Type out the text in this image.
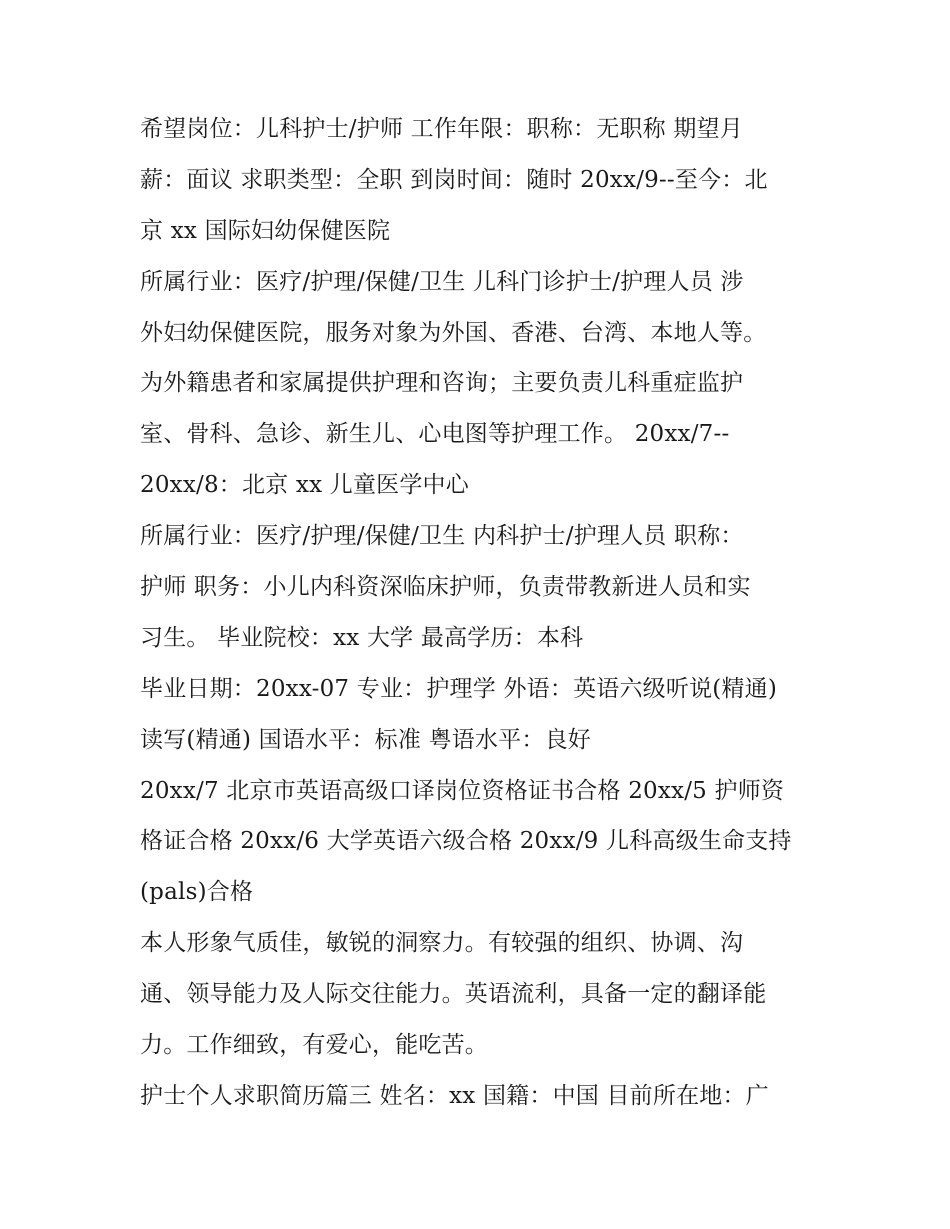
希望岗位：儿科护士/护师 工作年限：职称：无职称 期望月
薪：面议 求职类型：全职 到岗时间：随时 20xx/9--至今：北
京 xx 国际妇幼保健医院
所属行业：医疗/护理/保健/卫生 儿科门诊护士/护理人员 涉
外妇幼保健医院，服务对象为外国、香港、台湾、本地人等。
为外籍患者和家属提供护理和咨询；主要负责儿科重症监护
室、骨科、急诊、新生儿、心电图等护理工作。 20xx/7--
20xx/8：北京 xx 儿童医学中心
所属行业：医疗/护理/保健/卫生 内科护士/护理人员 职称：
护师 职务：小儿内科资深临床护师，负责带教新进人员和实
习生。 毕业院校：xx 大学 最高学历：本科
毕业日期：20xx-07 专业：护理学 外语：英语六级听说(精通)
读写(精通) 国语水平：标准 粤语水平：良好
20xx/7 北京市英语高级口译岗位资格证书合格 20xx/5 护师资
格证合格 20xx/6 大学英语六级合格 20xx/9 儿科高级生命支持
(pals)合格
本人形象气质佳，敏锐的洞察力。有较强的组织、协调、沟
通、领导能力及人际交往能力。英语流利，具备一定的翻译能
力。工作细致，有爱心，能吃苦。
护士个人求职简历篇三 姓名：xx 国籍：中国 目前所在地：广
